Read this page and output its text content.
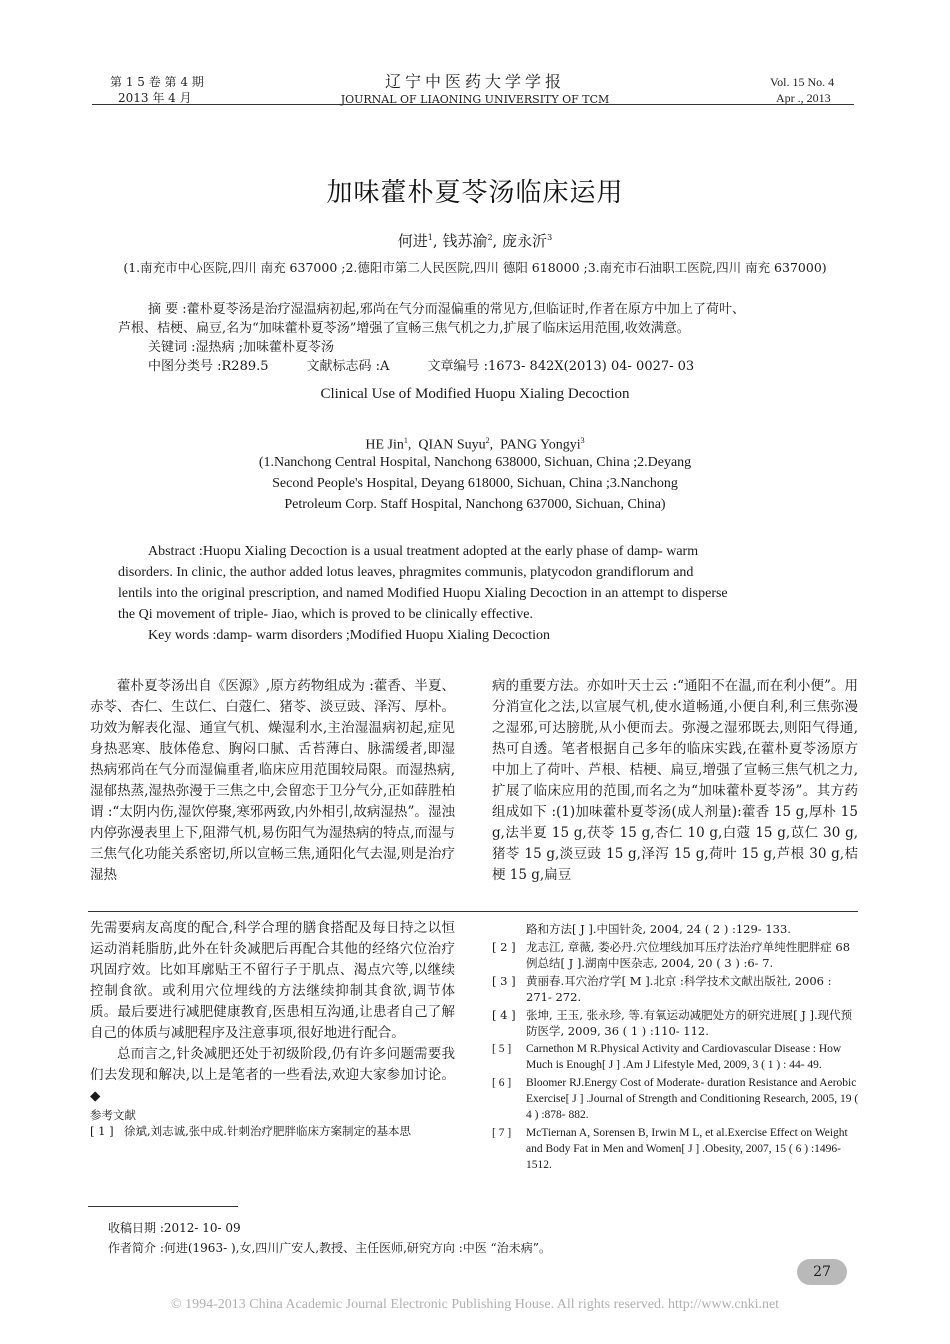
第 1 5 卷 第 4 期
2013 年 4 月
辽宁中医药大学学报
JOURNAL OF LIAONING UNIVERSITY OF TCM
Vol. 15 No. 4
Apr ., 2013
加味藿朴夏苓汤临床运用
何进$^1$, 钱苏渝$^2$, 庞永沂$^3$
(1.南充市中心医院,四川 南充 637000 ;2.德阳市第二人民医院,四川 德阳 618000 ;3.南充市石油职工医院,四川 南充 637000)
摘 要 :藿朴夏苓汤是治疗湿温病初起,邪尚在气分而湿偏重的常见方,但临证时,作者在原方中加上了荷叶、
芦根、桔梗、扁豆,名为“加味藿朴夏苓汤”增强了宣畅三焦气机之力,扩展了临床运用范围,收效满意。
关键词 :湿热病 ;加味藿朴夏苓汤
中图分类号 :R289.5	文献标志码 :A	文章编号 :1673- 842X(2013) 04- 0027- 03
Clinical Use of Modified Huopu Xialing Decoction
HE Jin$^1$,  QIAN Suyu$^2$,  PANG Yongyi$^3$
(1.Nanchong Central Hospital, Nanchong 638000, Sichuan, China ;2.Deyang
Second People's Hospital, Deyang 618000, Sichuan, China ;3.Nanchong
Petroleum Corp. Staff Hospital, Nanchong 637000, Sichuan, China)
Abstract :Huopu Xialing Decoction is a usual treatment adopted at the early phase of damp- warm
disorders. In clinic, the author added lotus leaves, phragmites communis, platycodon grandiflorum and
lentils into the original prescription, and named Modified Huopu Xialing Decoction in an attempt to disperse
the Qi movement of triple- Jiao, which is proved to be clinically effective.
Key words :damp- warm disorders ;Modified Huopu Xialing Decoction

藿朴夏苓汤出自《医源》,原方药物组成为 :藿香、半夏、赤苓、杏仁、生苡仁、白蔻仁、猪苓、淡豆豉、泽泻、厚朴。功效为解表化湿、通宣气机、燥湿利水,主治湿温病初起,症见身热恶寒、肢体倦怠、胸闷口腻、舌苔薄白、脉濡缓者,即湿热病邪尚在气分而湿偏重者,临床应用范围较局限。而湿热病,湿郁热蒸,湿热弥漫于三焦之中,会留恋于卫分气分,正如薛胜柏谓 :“太阴内伤,湿饮停聚,寒邪两致,内外相引,故病湿热”。湿浊内停弥漫表里上下,阻滞气机,易伤阳气为湿热病的特点,而湿与三焦气化功能关系密切,所以宣畅三焦,通阳化气去湿,则是治疗湿热

病的重要方法。亦如叶天士云 :“通阳不在温,而在利小便”。用分消宣化之法,以宣展气机,使水道畅通,小便自利,利三焦弥漫之湿邪,可达膀胱,从小便而去。弥漫之湿邪既去,则阳气得通,热可自透。笔者根据自己多年的临床实践,在藿朴夏苓汤原方中加上了荷叶、芦根、桔梗、扁豆,增强了宣畅三焦气机之力,扩展了临床应用的范围,而名之为“加味藿朴夏苓汤”。其方药组成如下 :(1)加味藿朴夏苓汤(成人剂量):藿香 15 g,厚朴 15 g,法半夏 15 g,茯苓 15 g,杏仁 10 g,白蔻 15 g,苡仁 30 g,猪苓 15 g,淡豆豉 15 g,泽泻 15 g,荷叶 15 g,芦根 30 g,桔梗 15 g,扁豆

先需要病友高度的配合,科学合理的膳食搭配及每日持之以恒运动消耗脂肪,此外在针灸减肥后再配合其他的经络穴位治疗巩固疗效。比如耳廓贴王不留行子于肌点、渴点穴等,以继续控制食欲。或利用穴位埋线的方法继续抑制其食欲,调节体质。最后要进行减肥健康教育,医患相互沟通,让患者自己了解自己的体质与减肥程序及注意事项,很好地进行配合。

总而言之,针灸减肥还处于初级阶段,仍有许多问题需要我们去发现和解决,以上是笔者的一些看法,欢迎大家参加讨论。◆

参考文献
[ 1 ] 徐斌,刘志诚,张中成.针刺治疗肥胖临床方案制定的基本思
路和方法[ J ].中国针灸, 2004, 24 ( 2 ) :129- 133.
[ 2 ] 龙志江, 章薇, 娄必丹.穴位埋线加耳压疗法治疗单纯性肥胖症 68 例总结[ J ].湖南中医杂志, 2004, 20 ( 3 ) :6- 7.
[ 3 ] 黄丽春.耳穴治疗学[ M ].北京 :科学技术文献出版社, 2006 : 271- 272.
[ 4 ] 张坤, 王玉, 张永珍, 等.有氧运动减肥处方的研究进展[ J ].现代预防医学, 2009, 36 ( 1 ) :110- 112.
[ 5 ]	Carnethon M R.Physical Activity and Cardiovascular Disease : How Much is Enough[ J ] .Am J Lifestyle Med, 2009, 3 ( 1 ) : 44- 49.
[ 6 ]	Bloomer RJ.Energy Cost of Moderate- duration Resistance and Aerobic Exercise[ J ] .Journal of Strength and Conditioning Research, 2005, 19 ( 4 ) :878- 882.
[ 7 ]	McTiernan A, Sorensen B, Irwin M L, et al.Exercise Effect on Weight and Body Fat in Men and Women[ J ] .Obesity, 2007, 15 ( 6 ) :1496- 1512.
收稿日期 :2012- 10- 09
作者简介 :何进(1963- ),女,四川广安人,教授、主任医师,研究方向 :中医 “治未病”。
27
© 1994-2013 China Academic Journal Electronic Publishing House. All rights reserved. http://www.cnki.net
